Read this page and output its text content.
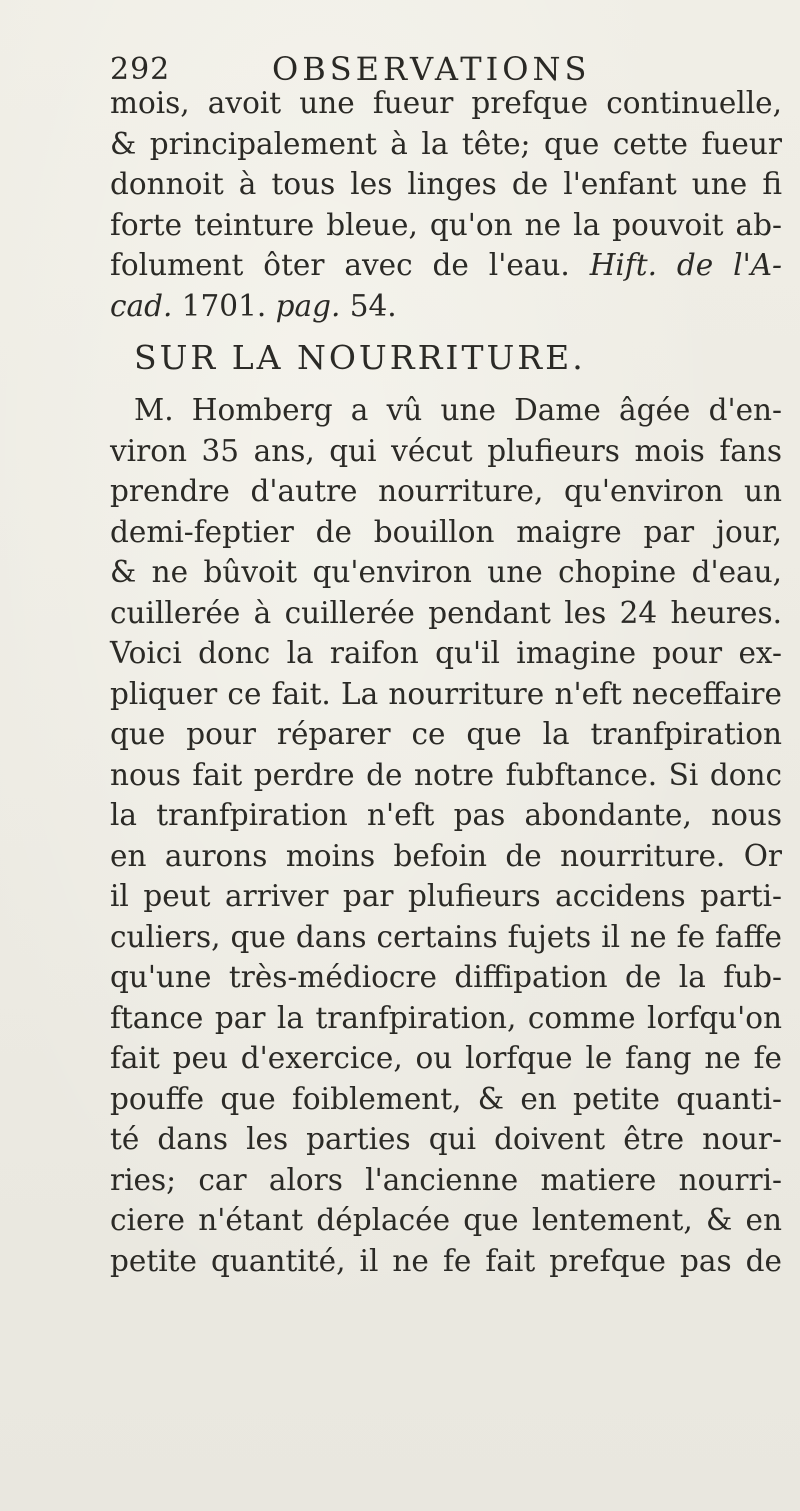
292	OBSERVATIONS
mois, avoit une fueur prefque continuelle,
& principalement à la tête; que cette fueur
donnoit à tous les linges de l'enfant une fi
forte teinture bleue, qu'on ne la pouvoit ab-
folument ôter avec de l'eau. Hift. de l'A-
cad. 1701. pag. 54.
SUR LA NOURRITURE.
M. Homberg a vû une Dame âgée d'en-
viron 35 ans, qui vécut plufieurs mois fans
prendre d'autre nourriture, qu'environ un
demi-feptier de bouillon maigre par jour,
& ne bûvoit qu'environ une chopine d'eau,
cuillerée à cuillerée pendant les 24 heures.
Voici donc la raifon qu'il imagine pour ex-
pliquer ce fait. La nourriture n'eft neceffaire
que pour réparer ce que la tranfpiration
nous fait perdre de notre fubftance. Si donc
la tranfpiration n'eft pas abondante, nous
en aurons moins befoin de nourriture. Or
il peut arriver par plufieurs accidens parti-
culiers, que dans certains fujets il ne fe faffe
qu'une très-médiocre diffipation de la fub-
ftance par la tranfpiration, comme lorfqu'on
fait peu d'exercice, ou lorfque le fang ne fe
pouffe que foiblement, & en petite quanti-
té dans les parties qui doivent être nour-
ries; car alors l'ancienne matiere nourri-
ciere n'étant déplacée que lentement, & en
petite quantité, il ne fe fait prefque pas de
